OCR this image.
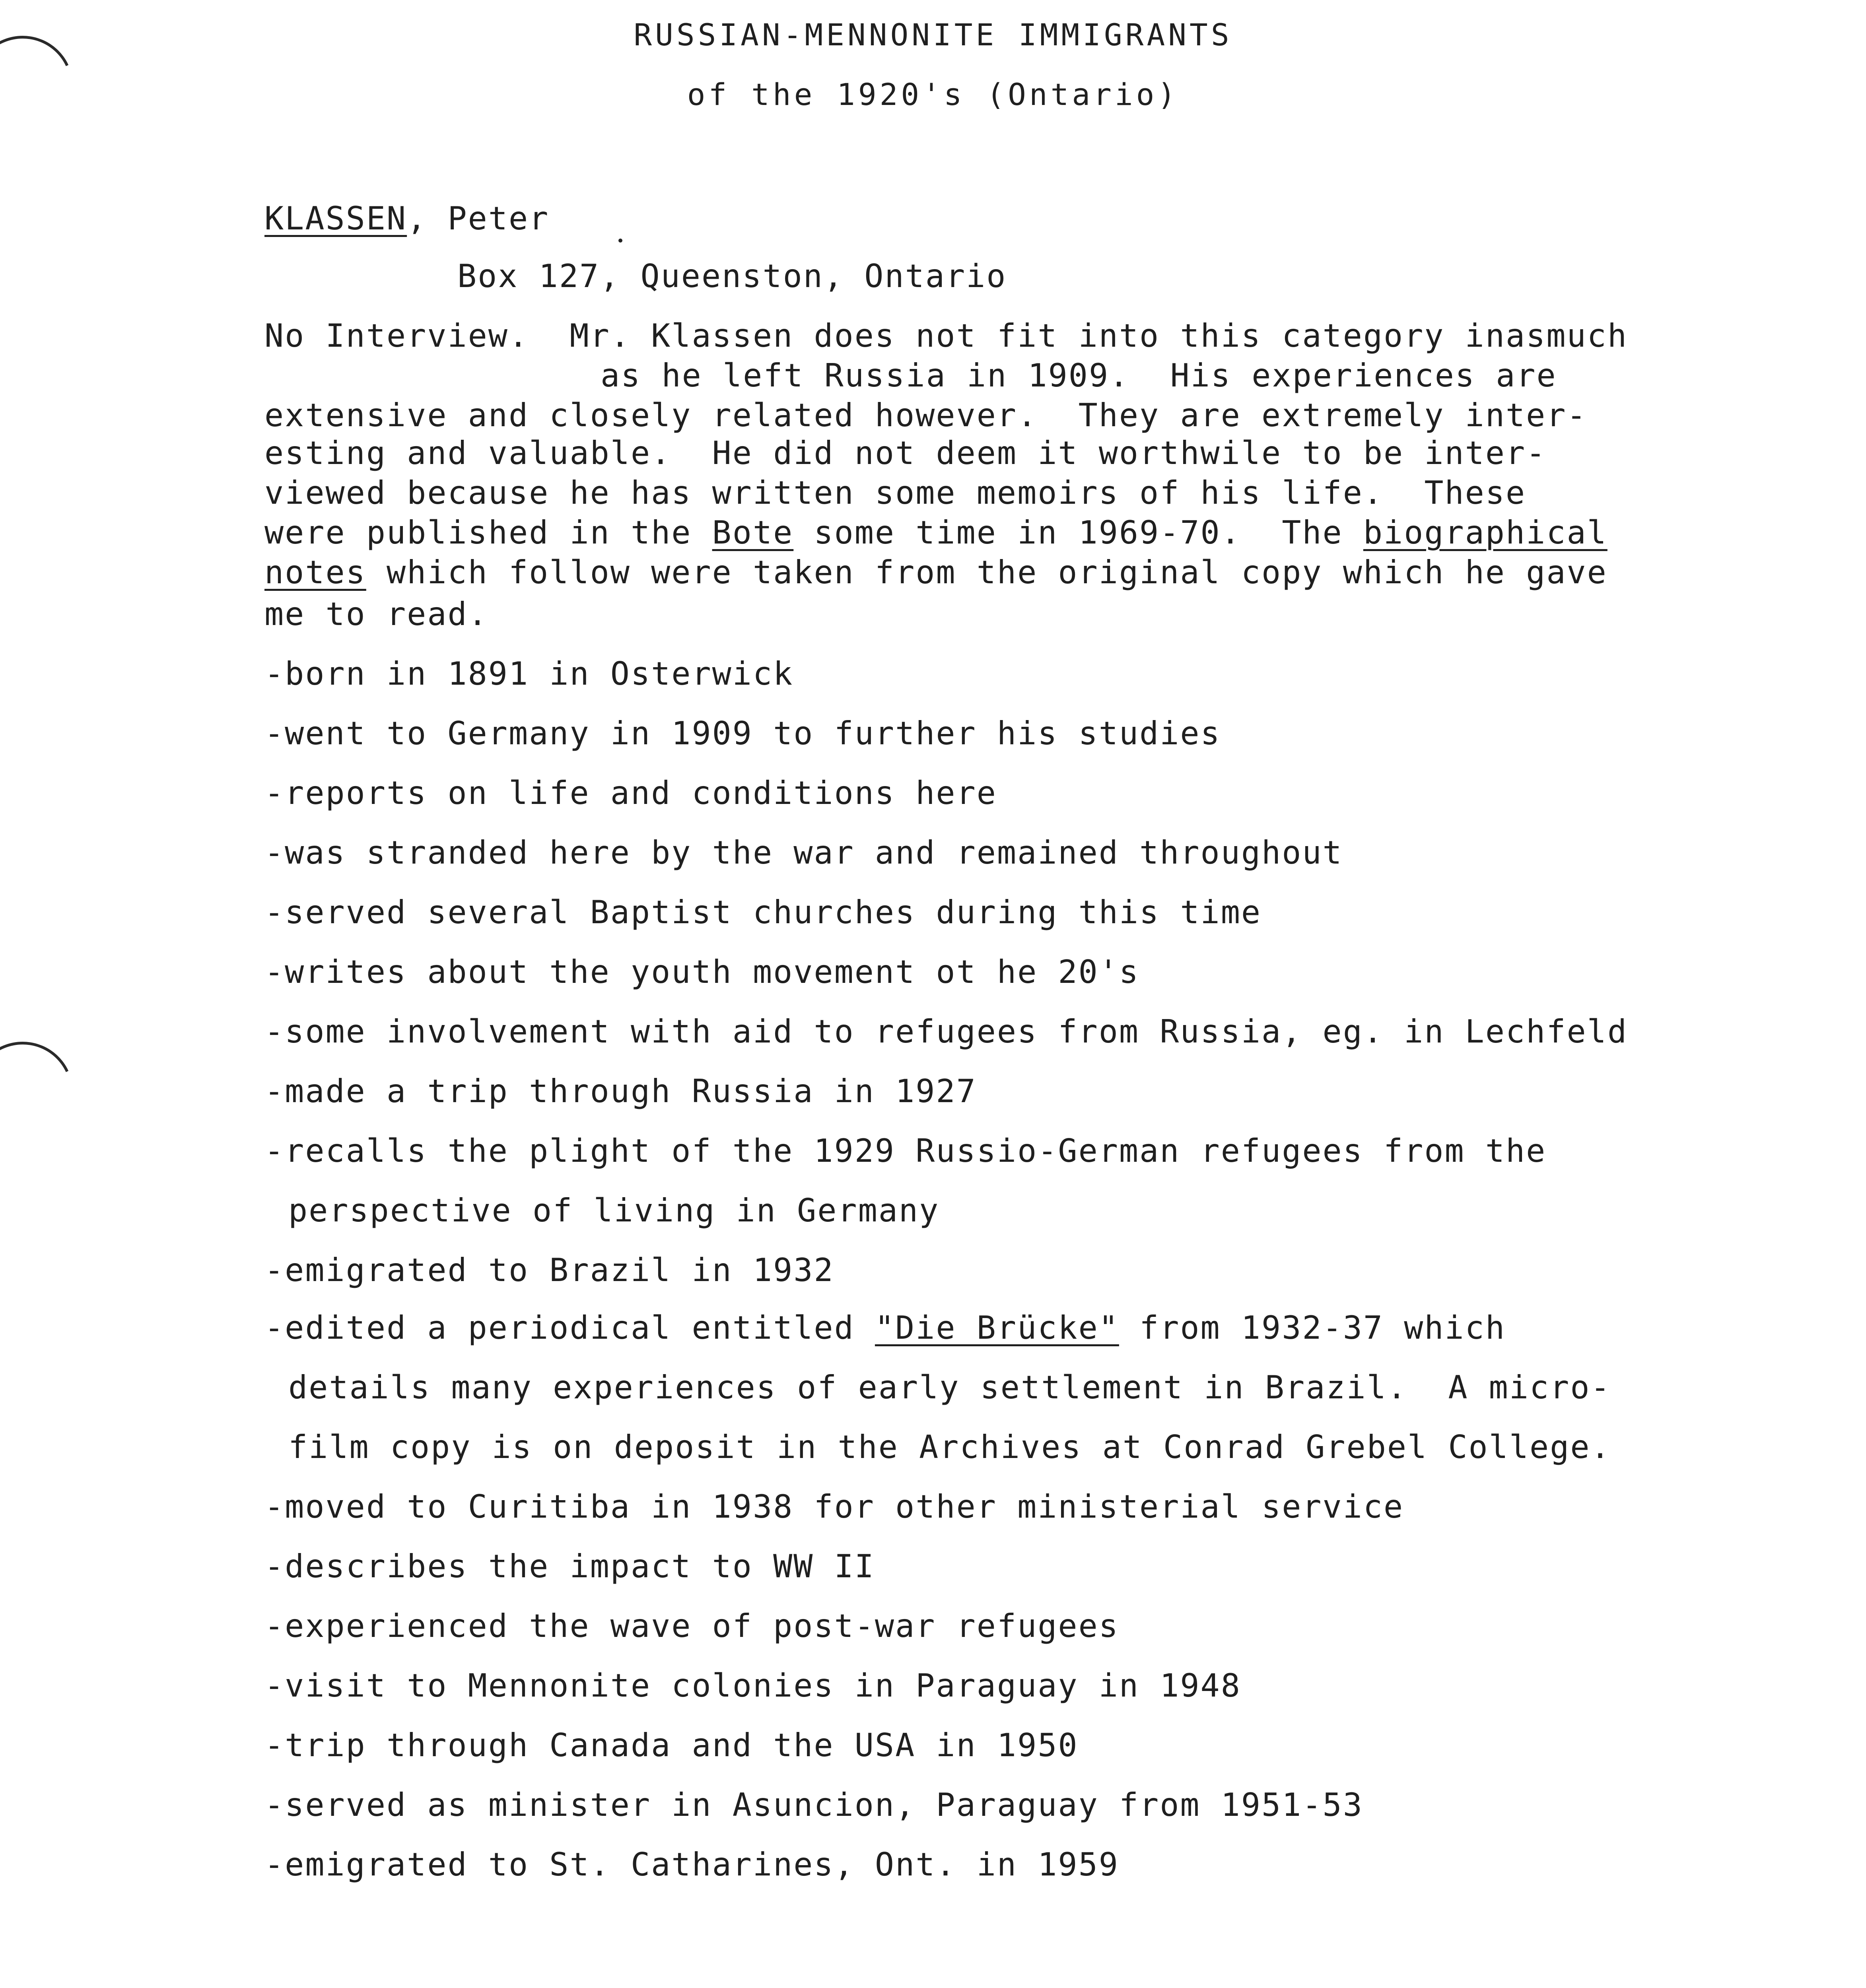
RUSSIAN-MENNONITE IMMIGRANTS
of the 1920's (Ontario)
KLASSEN, Peter
Box 127, Queenston, Ontario
No Interview.  Mr. Klassen does not fit into this category inasmuch
as he left Russia in 1909.  His experiences are
extensive and closely related however.  They are extremely inter-
esting and valuable.  He did not deem it worthwile to be inter-
viewed because he has written some memoirs of his life.  These
were published in the Bote some time in 1969-70.  The biographical
notes which follow were taken from the original copy which he gave
me to read.
-born in 1891 in Osterwick
-went to Germany in 1909 to further his studies
-reports on life and conditions here
-was stranded here by the war and remained throughout
-served several Baptist churches during this time
-writes about the youth movement ot he 20's
-some involvement with aid to refugees from Russia, eg. in Lechfeld
-made a trip through Russia in 1927
-recalls the plight of the 1929 Russio-German refugees from the
perspective of living in Germany
-emigrated to Brazil in 1932
-edited a periodical entitled "Die Brücke" from 1932-37 which
details many experiences of early settlement in Brazil.  A micro-
film copy is on deposit in the Archives at Conrad Grebel College.
-moved to Curitiba in 1938 for other ministerial service
-describes the impact to WW II
-experienced the wave of post-war refugees
-visit to Mennonite colonies in Paraguay in 1948
-trip through Canada and the USA in 1950
-served as minister in Asuncion, Paraguay from 1951-53
-emigrated to St. Catharines, Ont. in 1959
